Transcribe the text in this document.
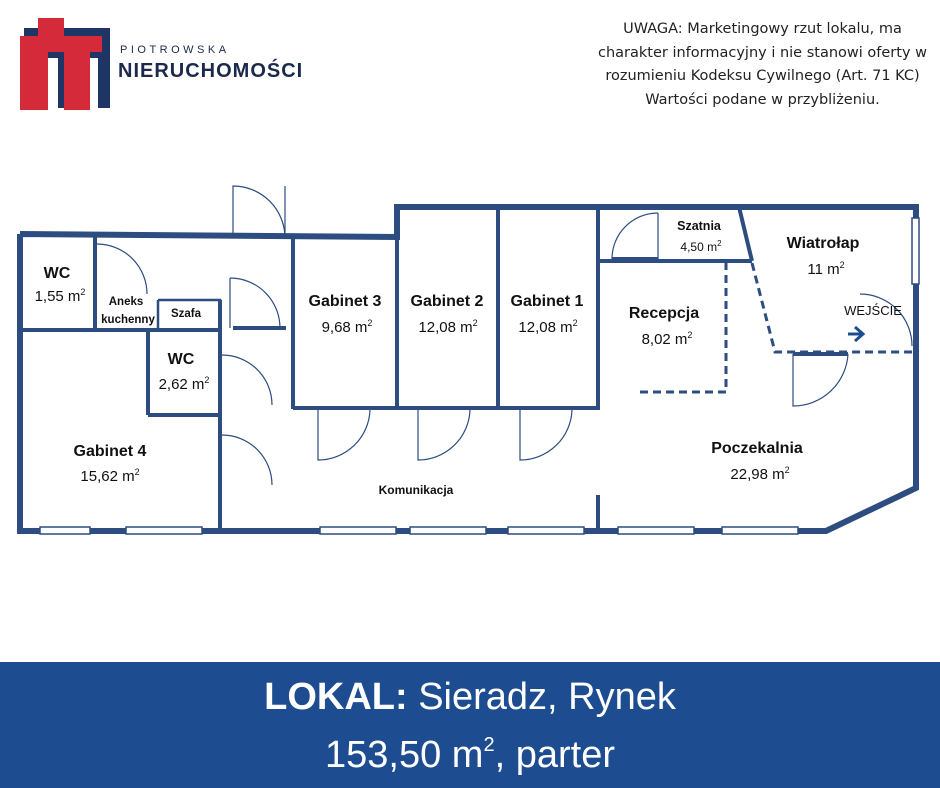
PIOTROWSKA
NIERUCHOMOŚCI
UWAGA: Marketingowy rzut lokalu, ma
charakter informacyjny i nie stanowi oferty w
rozumieniu Kodeksu Cywilnego (Art. 71 KC)
Wartości podane w przybliżeniu.
WC
1,55 $m^2$
Aneks
kuchenny Szafa
WC
2,62 $m^2$
Gabinet 4
15,62 $m^2$
Gabinet 3
9,68 $m^2$
Gabinet 2
12,08 $m^2$
Gabinet 1
12,08 $m^2$
Szatnia
4,50 $m^2$	Wiatrołap
11 $m^2$
Recepcja
8,02 $m^2$
Poczekalnia
22,98 $m^2$
Komunikacja
WEJŚCIE
LOKAL: Sieradz, Rynek
153,50 $m^2$, parter
